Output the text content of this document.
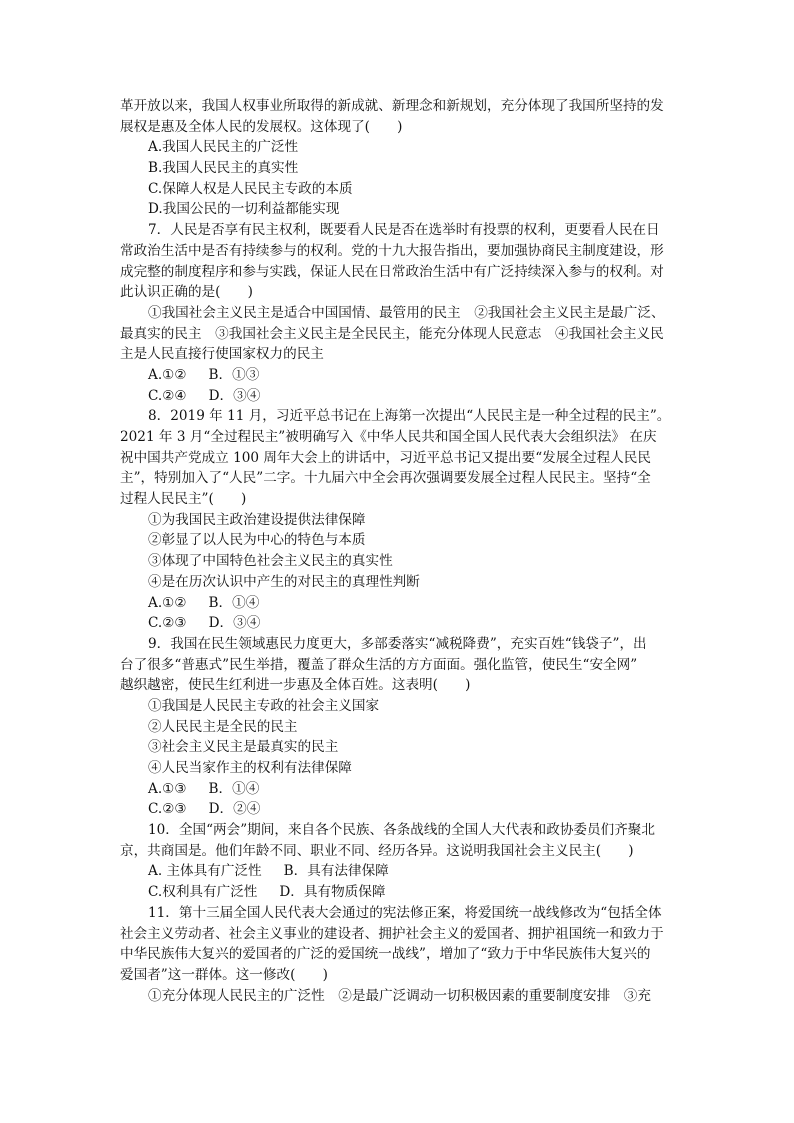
革开放以来，我国人权事业所取得的新成就、新理念和新规划，充分体现了我国所坚持的发
展权是惠及全体人民的发展权。这体现了(　　)
A.我国人民民主的广泛性
B.我国人民民主的真实性
C.保障人权是人民民主专政的本质
D.我国公民的一切利益都能实现
7．人民是否享有民主权利，既要看人民是否在选举时有投票的权利，更要看人民在日
常政治生活中是否有持续参与的权利。党的十九大报告指出，要加强协商民主制度建设，形
成完整的制度程序和参与实践，保证人民在日常政治生活中有广泛持续深入参与的权利。对
此认识正确的是(　　)
①我国社会主义民主是适合中国国情、最管用的民主　②我国社会主义民主是最广泛、
最真实的民主　③我国社会主义民主是全民民主，能充分体现人民意志　④我国社会主义民
主是人民直接行使国家权力的民主
A.①② B．①③
C.②④ D．③④
8．2019 年 11 月，习近平总书记在上海第一次提出“人民民主是一种全过程的民主”。
2021 年 3 月“全过程民主”被明确写入《中华人民共和国全国人民代表大会组织法》 在庆
祝中国共产党成立 100 周年大会上的讲话中，习近平总书记又提出要“发展全过程人民民
主”，特别加入了“人民”二字。十九届六中全会再次强调要发展全过程人民民主。坚持“全
过程人民民主”(　　)
①为我国民主政治建设提供法律保障
②彰显了以人民为中心的特色与本质
③体现了中国特色社会主义民主的真实性
④是在历次认识中产生的对民主的真理性判断
A.①② B．①④
C.②③ D．③④
9．我国在民生领域惠民力度更大，多部委落实“减税降费”，充实百姓“钱袋子”，出
台了很多“普惠式”民生举措，覆盖了群众生活的方方面面。强化监管，使民生“安全网”
越织越密，使民生红利进一步惠及全体百姓。这表明(　　)
①我国是人民民主专政的社会主义国家
②人民民主是全民的民主
③社会主义民主是最真实的民主
④人民当家作主的权利有法律保障
A.①③ B．①④
C.②③ D．②④
10．全国“两会”期间，来自各个民族、各条战线的全国人大代表和政协委员们齐聚北
京，共商国是。他们年龄不同、职业不同、经历各异。这说明我国社会主义民主(　　)
A. 主体具有广泛性 B．具有法律保障
C.权利具有广泛性 D．具有物质保障
11．第十三届全国人民代表大会通过的宪法修正案，将爱国统一战线修改为“包括全体
社会主义劳动者、社会主义事业的建设者、拥护社会主义的爱国者、拥护祖国统一和致力于
中华民族伟大复兴的爱国者的广泛的爱国统一战线”，增加了“致力于中华民族伟大复兴的
爱国者”这一群体。这一修改(　　)
①充分体现人民民主的广泛性　②是最广泛调动一切积极因素的重要制度安排　③充
